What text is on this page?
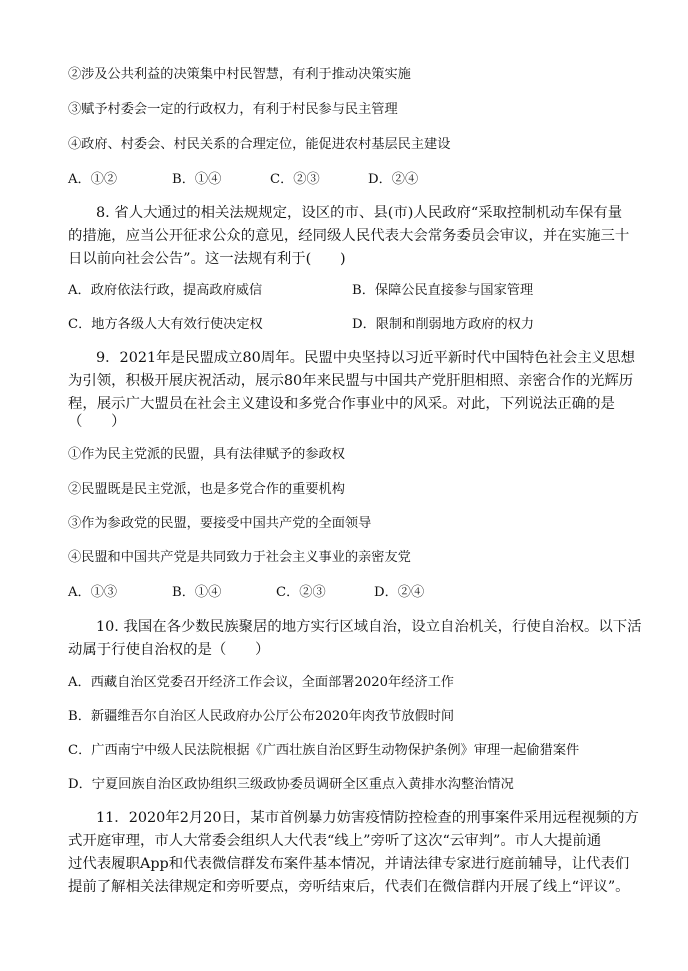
②涉及公共利益的决策集中村民智慧，有利于推动决策实施
③赋予村委会一定的行政权力，有利于村民参与民主管理
④政府、村委会、村民关系的合理定位，能促进农村基层民主建设
A．①②	B．①④	C．②③	D．②④
8. 省人大通过的相关法规规定，设区的市、县(市)人民政府“采取控制机动车保有量
的措施，应当公开征求公众的意见，经同级人民代表大会常务委员会审议，并在实施三十
日以前向社会公告”。这一法规有利于(　　)
A．政府依法行政，提高政府威信	B．保障公民直接参与国家管理
C．地方各级人大有效行使决定权	D．限制和削弱地方政府的权力
9．2021年是民盟成立80周年。民盟中央坚持以习近平新时代中国特色社会主义思想
为引领，积极开展庆祝活动，展示80年来民盟与中国共产党肝胆相照、亲密合作的光辉历
程，展示广大盟员在社会主义建设和多党合作事业中的风采。对此，下列说法正确的是
（　　）
①作为民主党派的民盟，具有法律赋予的参政权
②民盟既是民主党派，也是多党合作的重要机构
③作为参政党的民盟，要接受中国共产党的全面领导
④民盟和中国共产党是共同致力于社会主义事业的亲密友党
A．①③	B．①④	C．②③	D．②④
10. 我国在各少数民族聚居的地方实行区域自治，设立自治机关，行使自治权。以下活
动属于行使自治权的是（　　）
A．西藏自治区党委召开经济工作会议，全面部署2020年经济工作
B．新疆维吾尔自治区人民政府办公厅公布2020年肉孜节放假时间
C．广西南宁中级人民法院根据《广西壮族自治区野生动物保护条例》审理一起偷猎案件
D．宁夏回族自治区政协组织三级政协委员调研全区重点入黄排水沟整治情况
11．2020年2月20日，某市首例暴力妨害疫情防控检查的刑事案件采用远程视频的方
式开庭审理，市人大常委会组织人大代表“线上”旁听了这次“云审判”。市人大提前通
过代表履职App和代表微信群发布案件基本情况，并请法律专家进行庭前辅导，让代表们
提前了解相关法律规定和旁听要点，旁听结束后，代表们在微信群内开展了线上“评议”。
